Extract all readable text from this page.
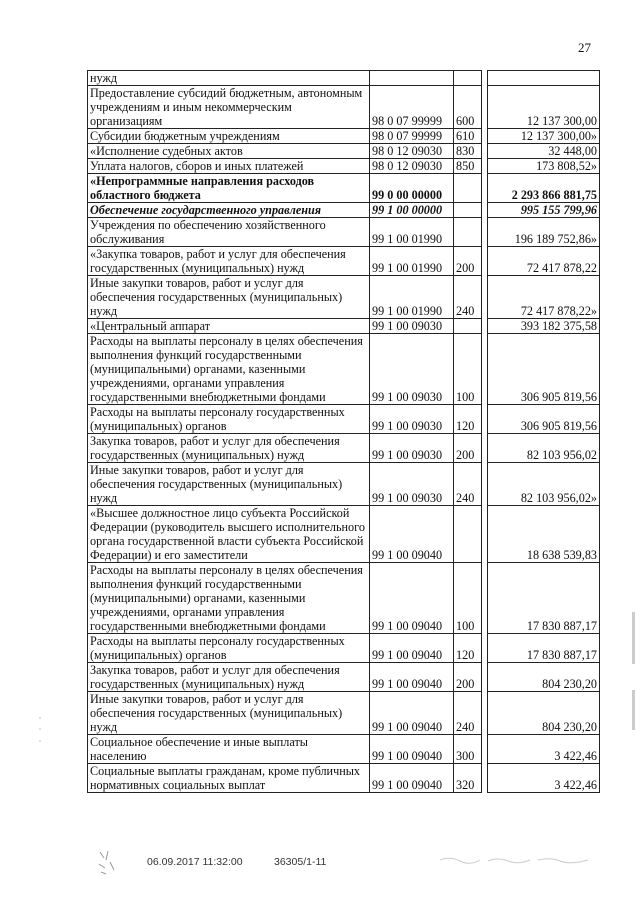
27
нужд				
Предоставление субсидий бюджетным, автономным учреждениям и иным некоммерческим организациям	98 0 07 99999	600		12 137 300,00
Субсидии бюджетным учреждениям	98 0 07 99999	610		12 137 300,00»
«Исполнение судебных актов	98 0 12 09030	830		32 448,00
Уплата налогов, сборов и иных платежей	98 0 12 09030	850		173 808,52»
«Непрограммные направления расходов областного бюджета	99 0 00 00000			2 293 866 881,75
Обеспечение государственного управления	99 1 00 00000			995 155 799,96
Учреждения по обеспечению хозяйственного обслуживания	99 1 00 01990			196 189 752,86»
«Закупка товаров, работ и услуг для обеспечения государственных (муниципальных) нужд	99 1 00 01990	200		72 417 878,22
Иные закупки товаров, работ и услуг для обеспечения государственных (муниципальных) нужд	99 1 00 01990	240		72 417 878,22»
«Центральный аппарат	99 1 00 09030			393 182 375,58
Расходы на выплаты персоналу в целях обеспечения выполнения функций государственными (муниципальными) органами, казенными учреждениями, органами управления государственными внебюджетными фондами	99 1 00 09030	100		306 905 819,56
Расходы на выплаты персоналу государственных (муниципальных) органов	99 1 00 09030	120		306 905 819,56
Закупка товаров, работ и услуг для обеспечения государственных (муниципальных) нужд	99 1 00 09030	200		82 103 956,02
Иные закупки товаров, работ и услуг для обеспечения государственных (муниципальных) нужд	99 1 00 09030	240		82 103 956,02»
«Высшее должностное лицо субъекта Российской Федерации (руководитель высшего исполнительного органа государственной власти субъекта Российской Федерации) и его заместители	99 1 00 09040			18 638 539,83
Расходы на выплаты персоналу в целях обеспечения выполнения функций государственными (муниципальными) органами, казенными учреждениями, органами управления государственными внебюджетными фондами	99 1 00 09040	100		17 830 887,17
Расходы на выплаты персоналу государственных (муниципальных) органов	99 1 00 09040	120		17 830 887,17
Закупка товаров, работ и услуг для обеспечения государственных (муниципальных) нужд	99 1 00 09040	200		804 230,20
Иные закупки товаров, работ и услуг для обеспечения государственных (муниципальных) нужд	99 1 00 09040	240		804 230,20
Социальное обеспечение и иные выплаты населению	99 1 00 09040	300		3 422,46
Социальные выплаты гражданам, кроме публичных нормативных социальных выплат	99 1 00 09040	320		3 422,46
06.09.2017 11:32:00	36305/1-11
